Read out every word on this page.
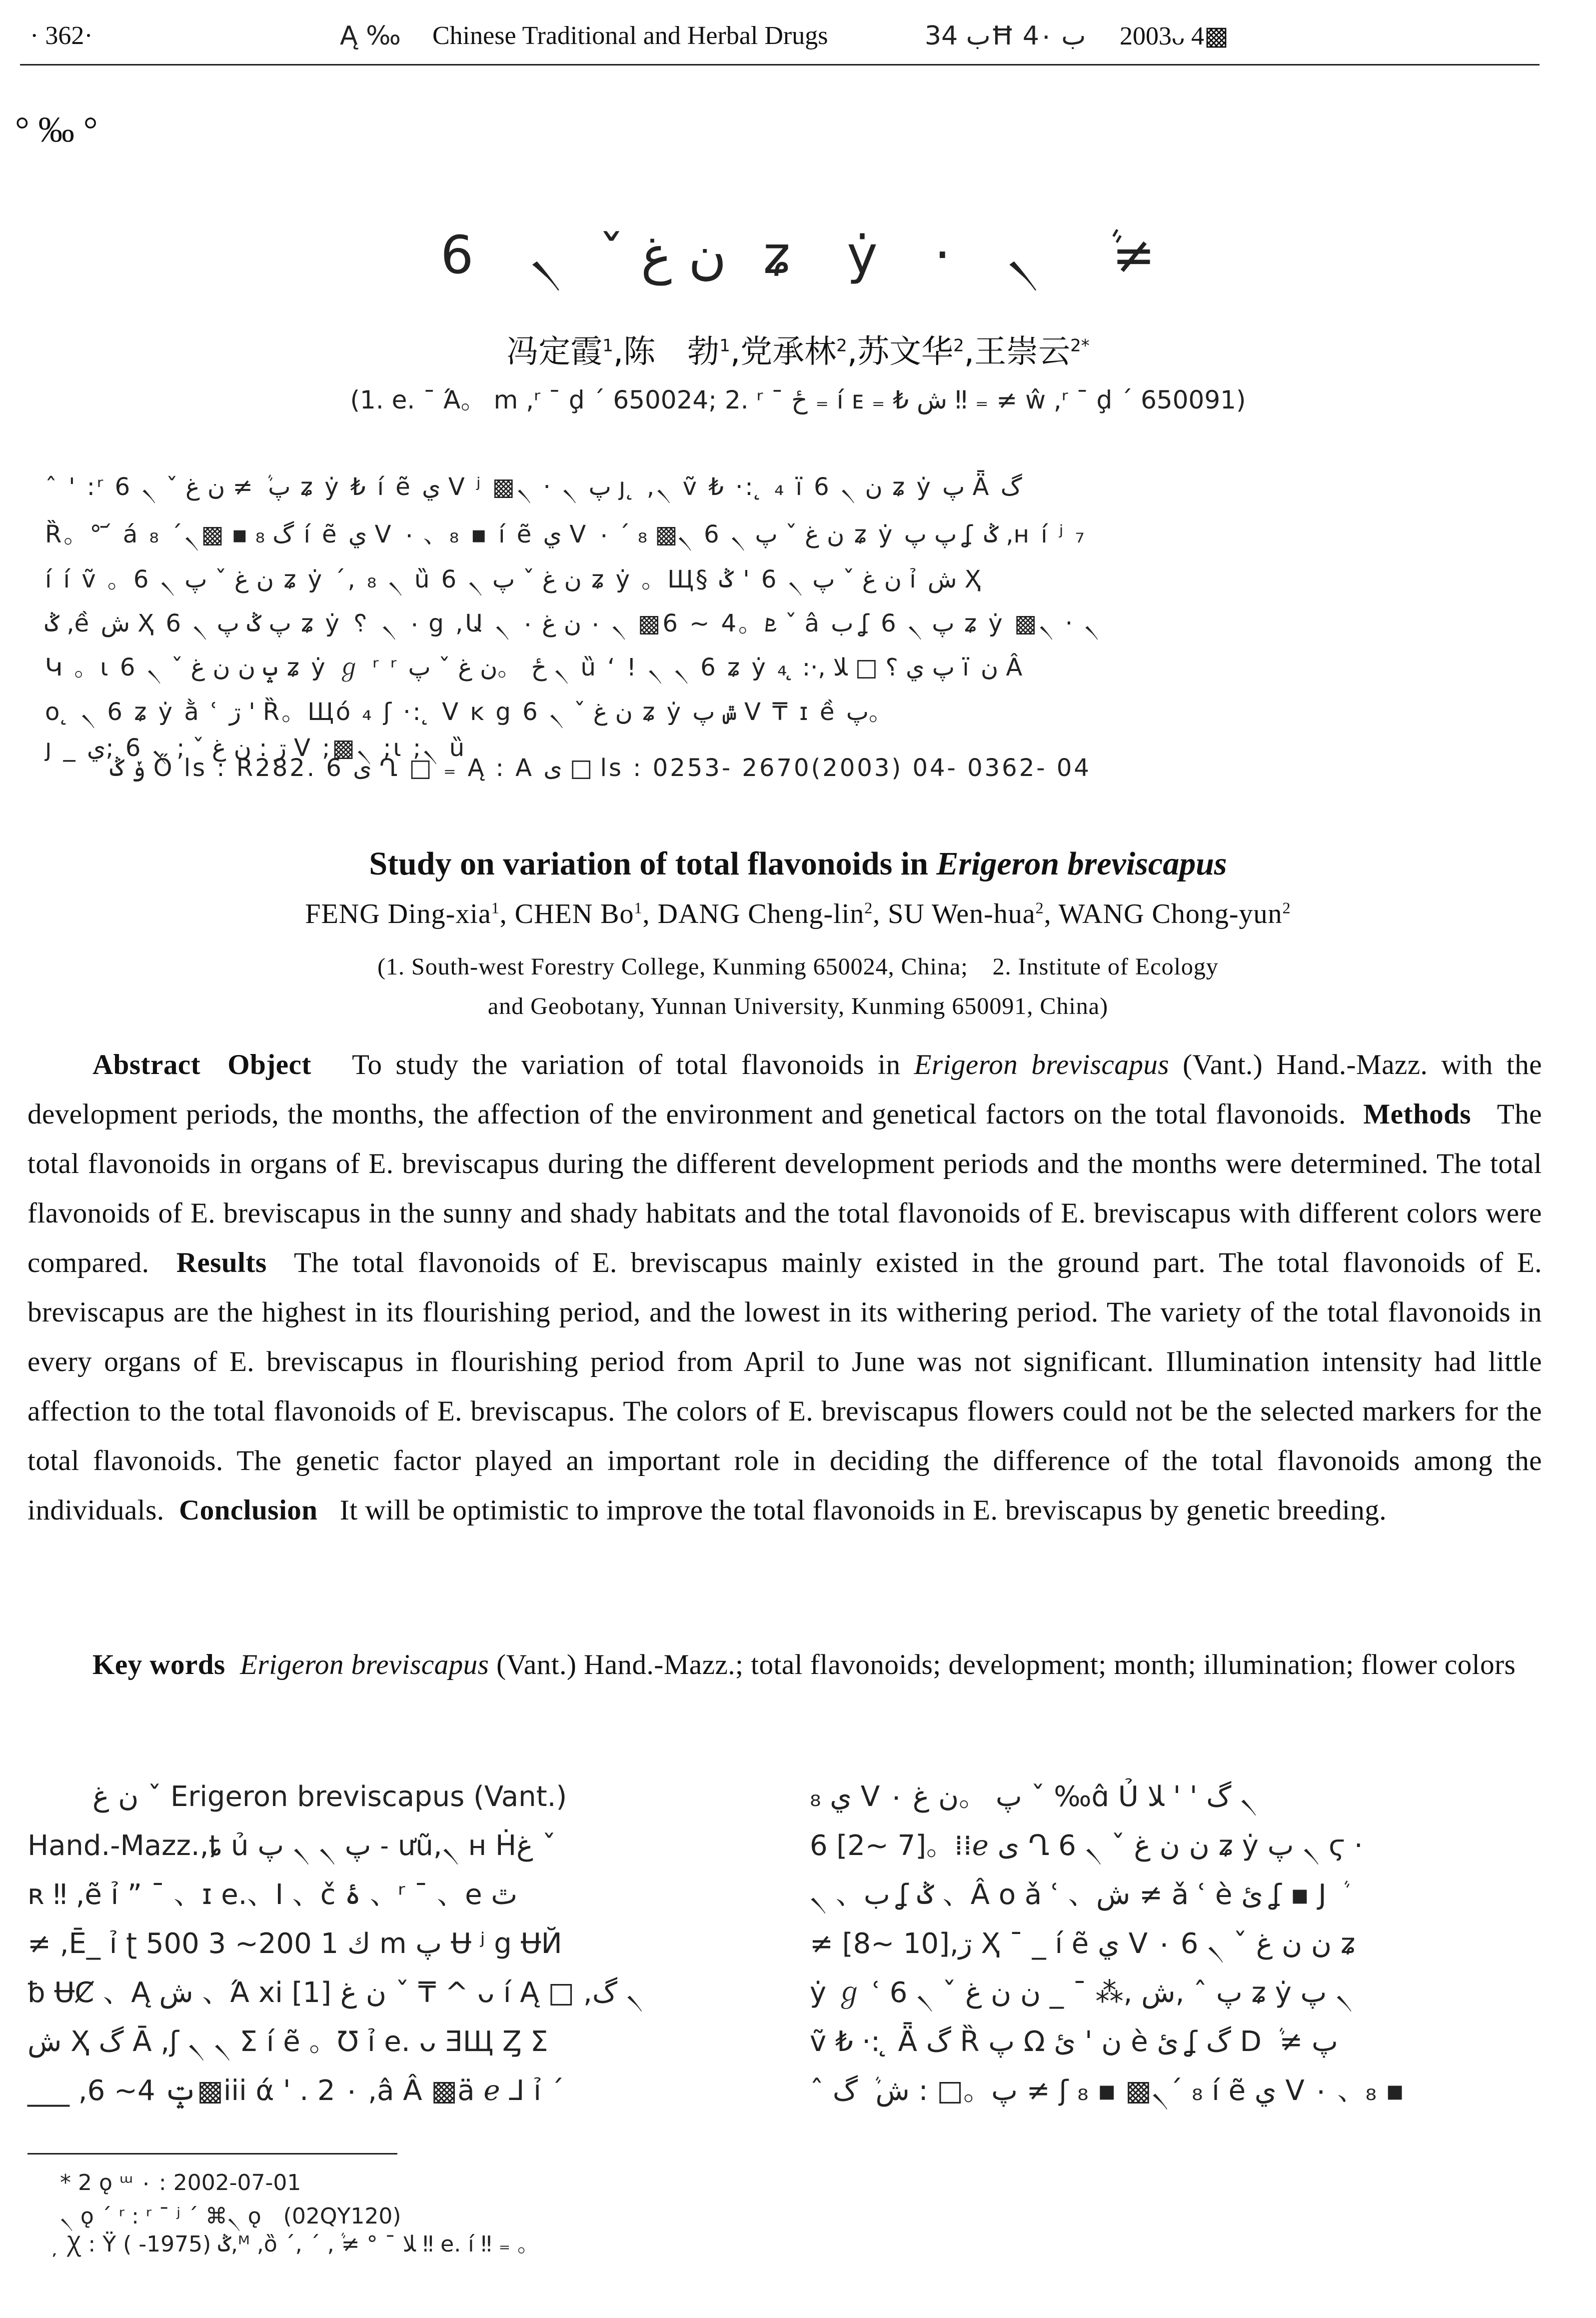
· 362·	Ą ‰ Chinese Traditional and Herbal Drugs	ب 34Ħ ب 4۰ 2003ᴗ 4▩
° ‰ °
ن غ ˇ ৲ 6 ʑ ẏ · ৲ ܵ ≠
冯定霞$^1$,陈　勃$^1$,党承林$^2$,苏文华$^2$,王崇云$^{2*}$
(1. e. ¯ Ά。 m ,ʳ ¯ ḑ ´ 650024; 2. ʳ ¯ ځ ₌ í ᴇ ₌ ₺ ش ‼ ₌ ≠ ŵ ,ʳ ¯ ḑ ´ 650091)
ˆ ' :ʳ پ ܵ ≠ ن غ ˇ ৲ 6 ʑ ẏ ₺ í ẽ ي V ʲ ▩৲ · ৲ پ ȷ ̨ ,৲ ṽ ₺ ·: ̨ ₄ ï ن ৲ 6 ʑ ẏ پ Ǟ گ
Ȑ。° ᷄ á گ ₈ ▪ ▩৲´ ₈ í ẽ ي V ۰ 、₈ ▪ í ẽ ي V ۰ ´ ₈ ▩৲ ن غ ˇ پ ৲ 6 ʑ ẏ پ پ ʆ ݣ ,ʜ í ʲ ₇
í í ṽ 。ن غ ˇ پ ৲ 6 ʑ ẏ ´, ₈ ৲ ȕ ن غ ˇ پ ৲ 6 ʑ ẏ 。Щ§ ن غ ˇ پ ৲ 6 ' ݣ ỉ ش Ҳ
ݣ ,ề ش Ҳ پ ݣ پ ৲ 6 ʑ ẏ ␦ ৲ ۰ g ,Ա ৲ ۰ ܧ。4 ~ 6▩ ৲ ۰ ن غ ˇ â ب ʆ پ ৲ 6 ʑ ẏ ▩৲ · ৲
Կ 。ɩ ݒ ن ن غ ˇ ৲ 6 ʑ ẏ ℊ ʳ ʳ ځ 。ن غ ˇ پ ৲ ȕ ʻ ! ৲ ৲ 6 ʑ ẏ پ ي ؟ □ ﻼ ,·: ̨ ₄ ï ن Â
o ̨ ৲ 6 ʑ ẏ ằ ʿ ڗ ' Ȑ。Щó ₄ ʃ ·: ̨ V ĸ g ن غ ˇ ৲ 6 ʑ ẏ ݜ پ V ₸ ɪ ề پ。
ȷ _ ڗ : ن غ ˇ ; ৲ 6 ;ي V ;▩৲ ;ɩ ;৲ ȕ
ݸ ݣ Ő ls : R282. 6 ى Ղ □ ₌ Ą : A ى □ ls : 0253- 2670(2003) 04- 0362- 04
Study on variation of total flavonoids in Erigeron breviscapus
FENG Ding-xia$^1$, CHEN Bo$^1$, DANG Cheng-lin$^2$, SU Wen-hua$^2$, WANG Chong-yun$^2$
(1. South-west Forestry College, Kunming 650024, China;　2. Institute of Ecology
and Geobotany, Yunnan University, Kunming 650091, China)
Abstract Object To study the variation of total flavonoids in Erigeron breviscapus (Vant.) Hand.-Mazz. with the development periods, the months, the affection of the environment and genetical factors on the total flavonoids. Methods The total flavonoids in organs of E. breviscapus during the different development periods and the months were determined. The total flavonoids of E. breviscapus in the sunny and shady habitats and the total flavonoids of E. breviscapus with different colors were compared. Results The total flavonoids of E. breviscapus mainly existed in the ground part. The total flavonoids of E. breviscapus are the highest in its flourishing period, and the lowest in its withering period. The variety of the total flavonoids in every organs of E. breviscapus in flourishing period from April to June was not significant. Illumination intensity had little affection to the total flavonoids of E. breviscapus. The colors of E. breviscapus flowers could not be the selected markers for the total flavonoids. The genetic factor played an important role in deciding the difference of the total flavonoids among the individuals. Conclusion It will be optimistic to improve the total flavonoids in E. breviscapus by genetic breeding.
Key words Erigeron breviscapus (Vant.) Hand.-Mazz.; total flavonoids; development; month; illumination; flower colors
ن غ ˇ Erigeron breviscapus (Vant.)
Hand.-Mazz.,ȶ ủ پ ৲ ৲ پ ˗ ưũ,৲ ʜ Ḣغ ˇ
ʀ ‼ ,ẽ ỉ ” ¯ 、ɪ e.、I 、č ۂ 、ʳ ¯ 、e ٿ
≠ ,Ē_ ỉ ʈ ك 1 200~ 3 500 m پ Ʉ ʲ g ɄЙ
ƀ ɄȻ 、Ą ش 、Ά xi [1] ن غ ˇ ₸ ^ ᴗ í Ą □ ,گ ৲
ش Ҳ گ Ā ,ʃ ৲ ৲ Σ í ẽ 。Ʊ ỉ e. ᴗ ƎЩ Ȥ Σ
___ ,ݓ 4~ 6▩ііі ά ' . 2 ۰ ,â Â ▩ä ℯ ⅃ ỉ ´
₈ ي V ۰ پ 。ن غ ˇ ‰ɑ̂ Ủ گ ' ' ﻼ ৲
6 [2~ 7]。⁞⁞ℯ ى Ղ ن ن غ ˇ ৲ 6 ʑ ẏ پ ৲ ϛ ·
৲ 、ب ʆ ݣ 、Â o ǎ ʿ 、ش ≠ ǎ ʿ è ئ ʆ ▪ J ܵ
≠ [8~ 10],ڗ Ҳ ˉ _ í ẽ ي V ۰ ن ن غ ˇ ৲ 6 ʑ
ẏ ℊ ʿ پ ˆ ,ش ,⁂ ˉ _ ن ن غ ˇ ৲ 6 ʑ ẏ پ ৲
ṽ ₺ ·: ̨ Ǟ گ Ȑ پ Ω ن ' ئ è ئ ʆ گ D ܵ ≠ پ
ˆ پ。□ : ش ܵ گ ≠ ʃ ₈ ▪ ▩৲´ ₈ í ẽ ي V ۰ 、₈ ▪
* 2 ǫ ᵚ ۰ : 2002-07-01
৲ ǫ ´ ʳ : ʳ ¯ ʲ ´ ⌘৲ ǫ　(02QY120)
̦ Ꭓ : Ÿ ݣ (1975- ),ᴹ ,ȍ ´, ´ ,ܵ ≠ ° ¯ ﻼ ‼ e. í ‼ ₌ 。
